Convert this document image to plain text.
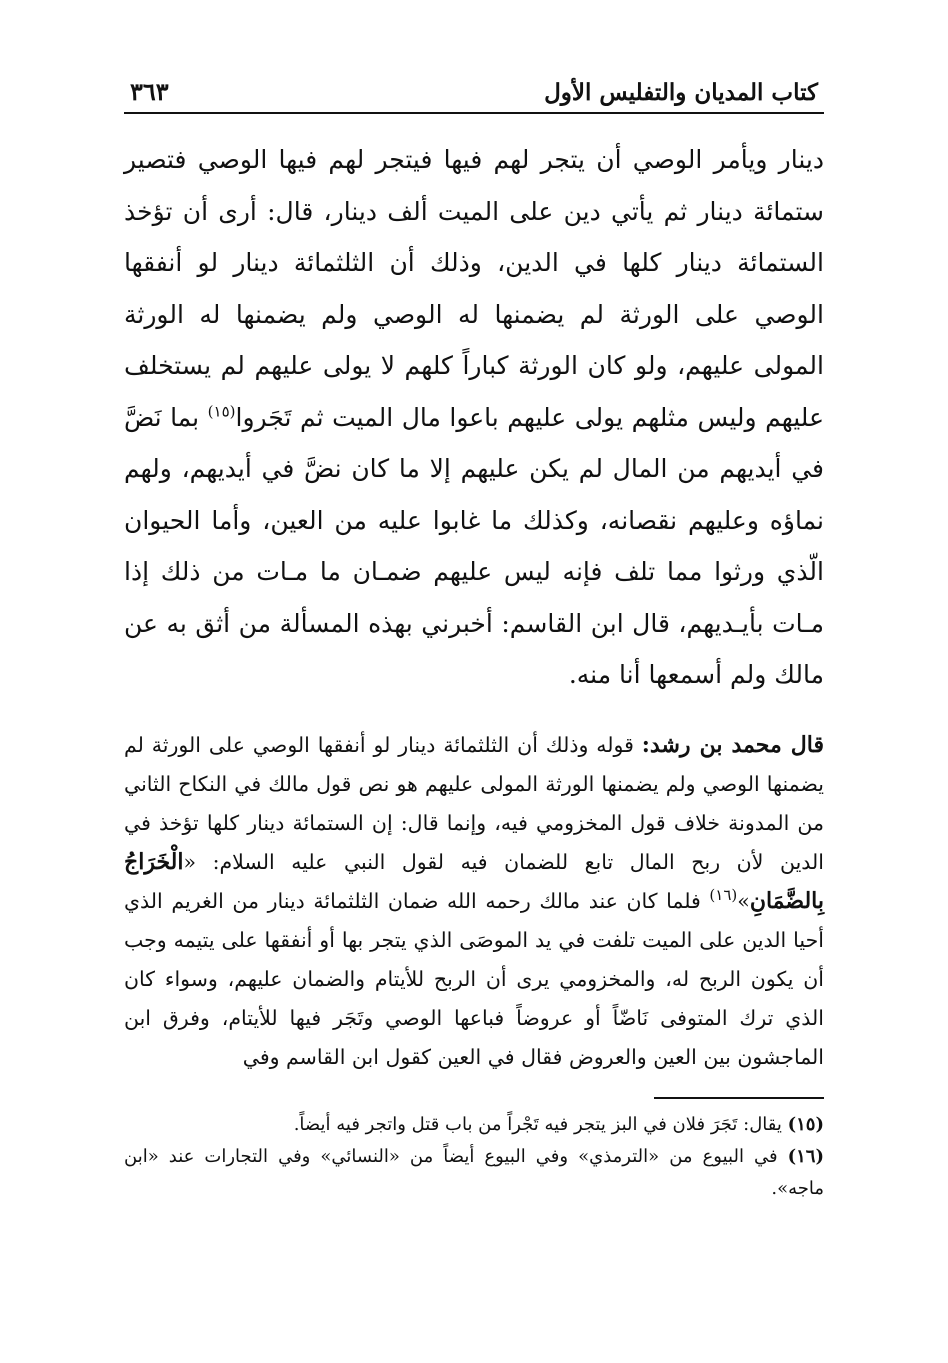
كتاب المديان والتفليس الأول
٣٦٣

دينار ويأمر الوصي أن يتجر لهم فيها فيتجر لهم فيها الوصي فتصير ستمائة دينار ثم يأتي دين على الميت ألف دينار، قال: أرى أن تؤخذ الستمائة دينار كلها في الدين، وذلك أن الثلثمائة دينار لو أنفقها الوصي على الورثة لم يضمنها له الوصي ولم يضمنها له الورثة المولى عليهم، ولو كان الورثة كباراً كلهم لا يولى عليهم لم يستخلف عليهم وليس مثلهم يولى عليهم باعوا مال الميت ثم تَجَروا$^{(١٥)}$ بما نَضَّ في أيديهم من المال لم يكن عليهم إلا ما كان نضَّ في أيديهم، ولهم نماؤه وعليهم نقصانه، وكذلك ما غابوا عليه من العين، وأما الحيوان الّذي ورثوا مما تلف فإنه ليس عليهم ضمـان ما مـات من ذلك إذا مـات بأيـديهم، قال ابن القاسم: أخبرني بهذه المسألة من أثق به عن مالك ولم أسمعها أنا منه.

قال محمد بن رشد: قوله وذلك أن الثلثمائة دينار لو أنفقها الوصي على الورثة لم يضمنها الوصي ولم يضمنها الورثة المولى عليهم هو نص قول مالك في النكاح الثاني من المدونة خلاف قول المخزومي فيه، وإنما قال: إن الستمائة دينار كلها تؤخذ في الدين لأن ربح المال تابع للضمان فيه لقول النبي عليه السلام: «الْخَرَاجُ بِالضَّمَانِ»$^{(١٦)}$ فلما كان عند مالك رحمه الله ضمان الثلثمائة دينار من الغريم الذي أحيا الدين على الميت تلفت في يد الموصَى الذي يتجر بها أو أنفقها على يتيمه وجب أن يكون الربح له، والمخزومي يرى أن الربح للأيتام والضمان عليهم، وسواء كان الذي ترك المتوفى نَاضّاً أو عروضاً فباعها الوصي وتَجَر فيها للأيتام، وفرق ابن الماجشون بين العين والعروض فقال في العين كقول ابن القاسم وفي

(١٥) يقال: تَجَرَ فلان في البز يتجر فيه تَجْراً من باب قتل واتجر فيه أيضاً.

(١٦) في البيوع من «الترمذي» وفي البيوع أيضاً من «النسائي» وفي التجارات عند «ابن ماجه».
